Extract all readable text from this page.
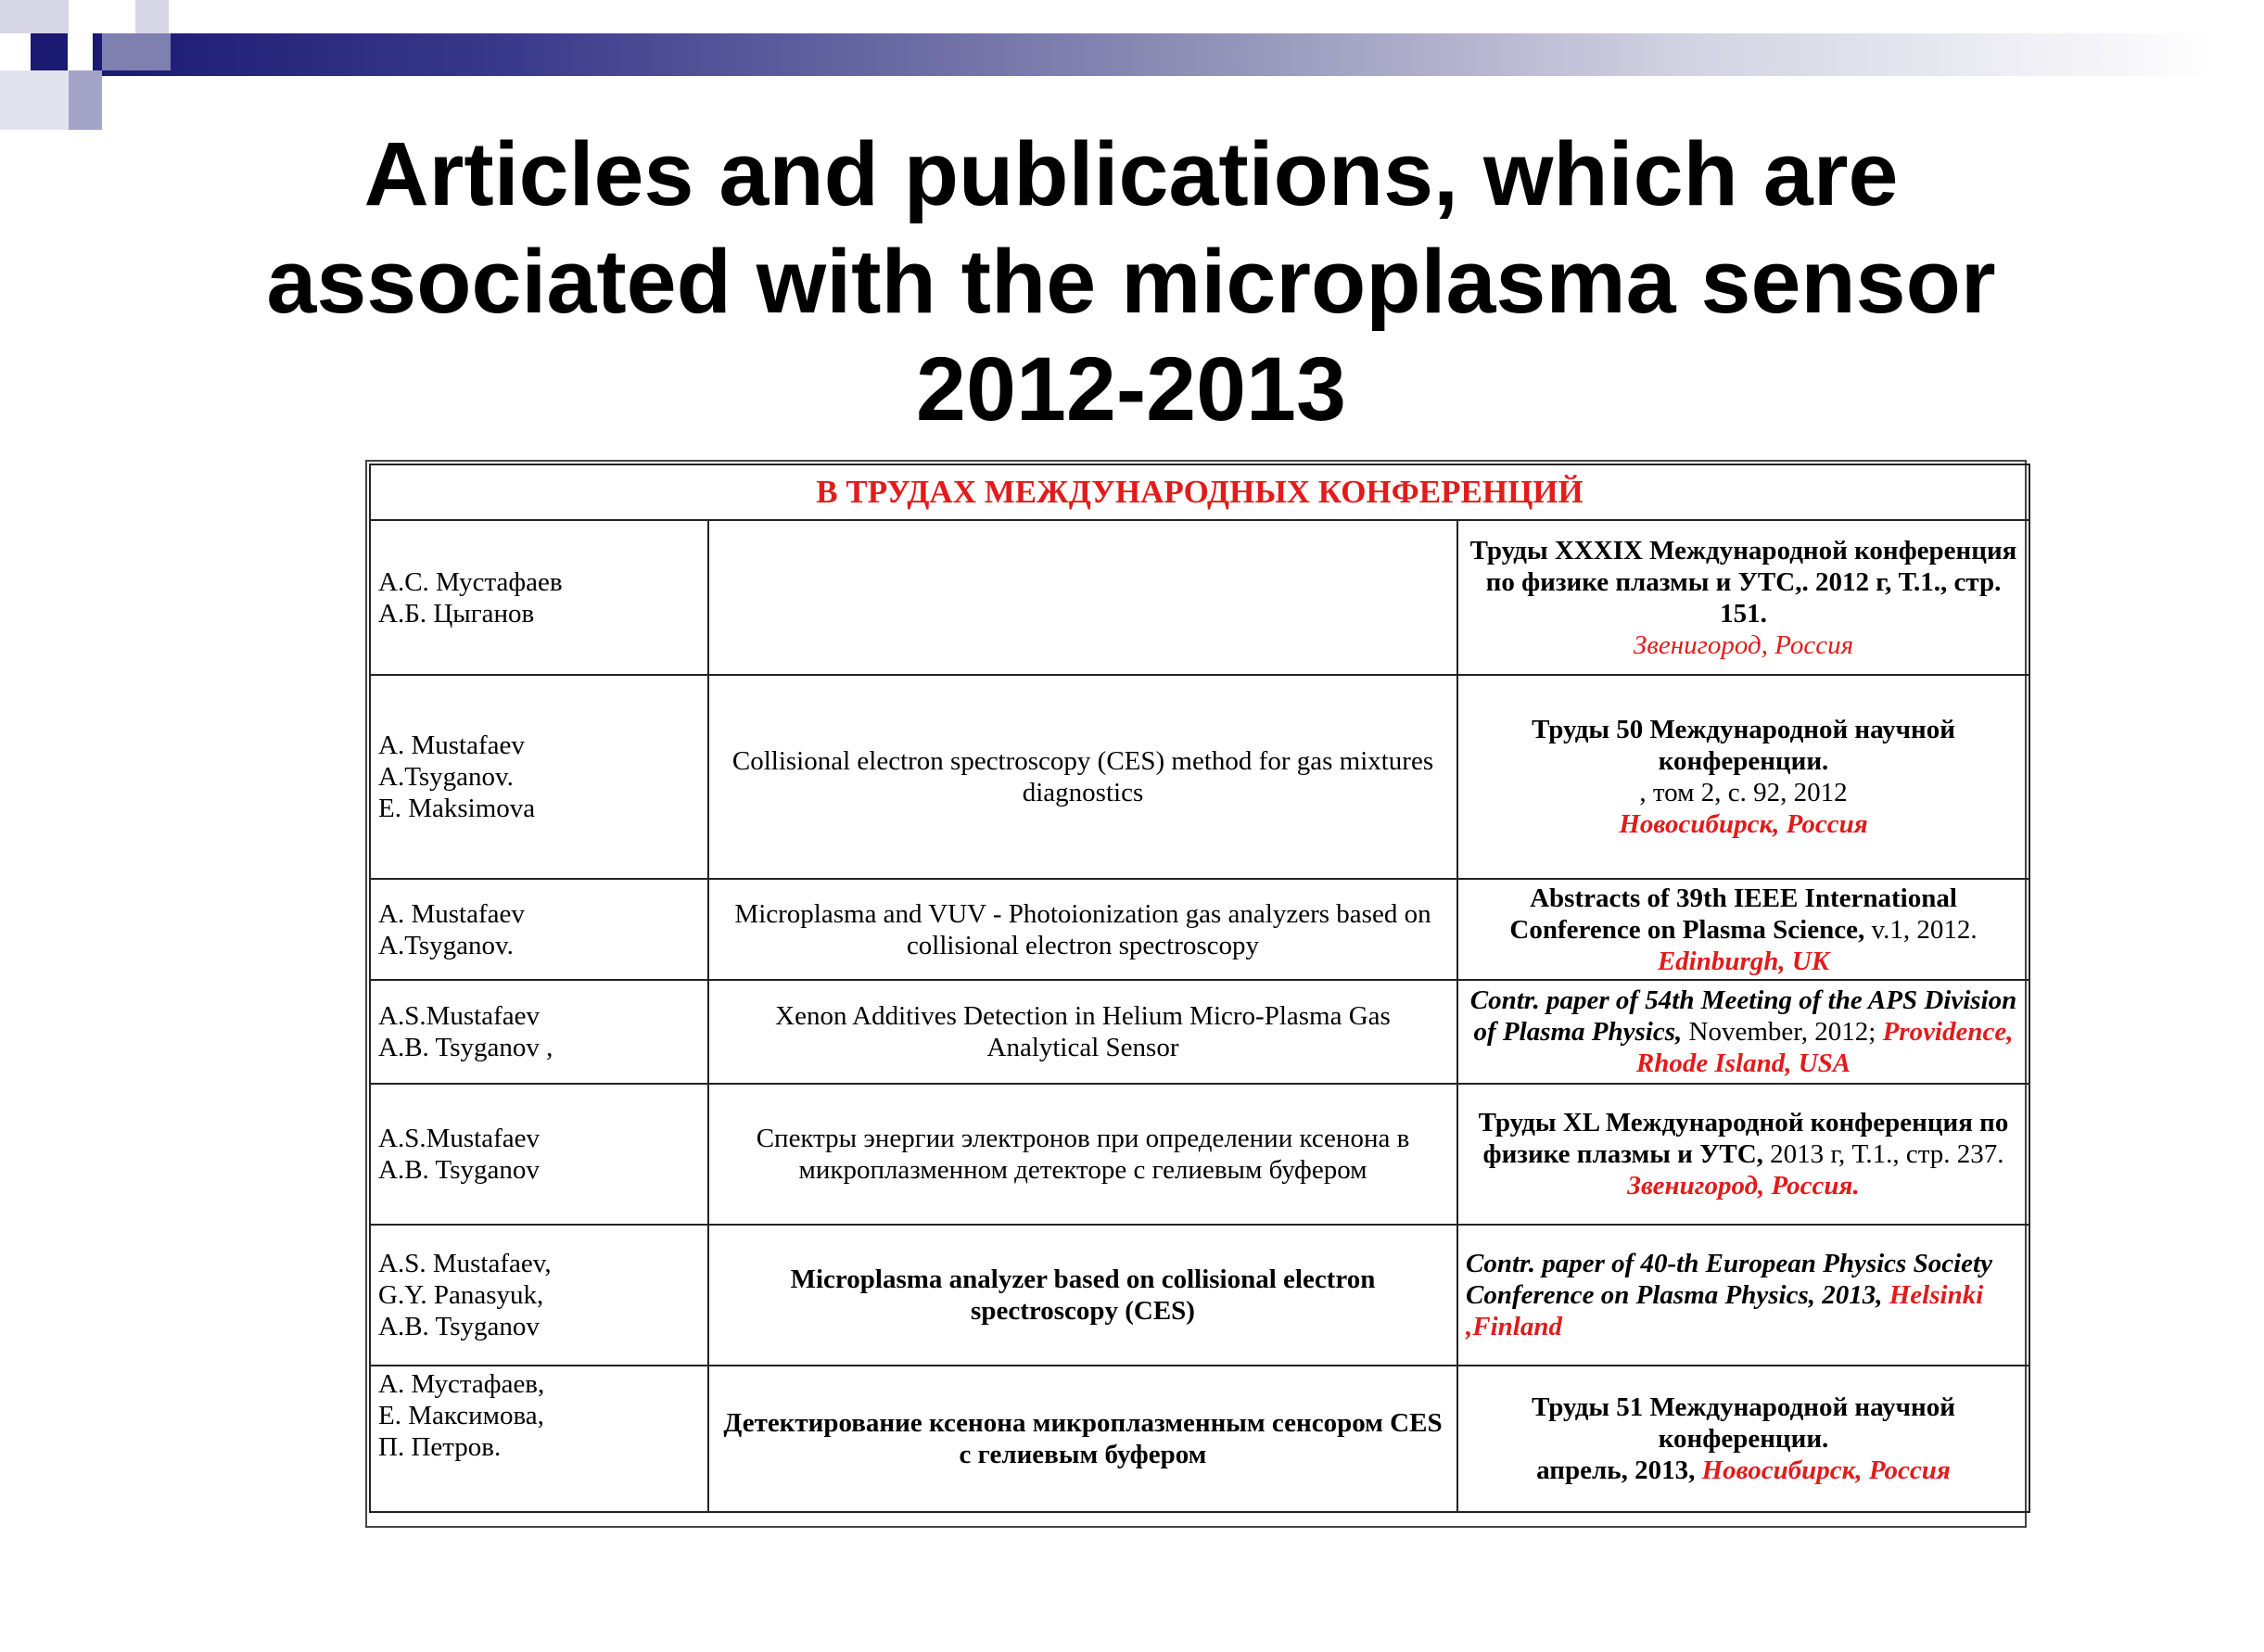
Articles and publications, which are
associated with the microplasma sensor
2012-2013
В ТРУДАХ МЕЖДУНАРОДНЫХ КОНФЕРЕНЦИЙ		

А.С. Мустафаев
А.Б. Цыганов		Труды XXXIX Международной конференция по физике плазмы и УТС,. 2012 г, Т.1., стр. 151.
Звенигород, Россия

A. Mustafaev
A.Tsyganov.
E. Maksimova	Collisional electron spectroscopy (CES) method for gas mixtures diagnostics	Труды 50 Международной научной конференции.
, том 2, с. 92, 2012
Новосибирск, Россия

A. Mustafaev
A.Tsyganov.	Microplasma and VUV - Photoionization gas analyzers based on collisional electron spectroscopy	Abstracts of 39th IEEE International Conference on Plasma Science, v.1, 2012. Edinburgh, UK

A.S.Mustafaev
A.B. Tsyganov ,	Xenon Additives Detection in Helium Micro-Plasma Gas Analytical Sensor	Contr. paper of 54th Meeting of the APS Division of Plasma Physics, November, 2012; Providence, Rhode Island, USA

A.S.Mustafaev
A.B. Tsyganov	Спектры энергии электронов при определении ксенона в микроплазменном детекторе с гелиевым буфером	Труды XL Международной конференция по физике плазмы и УТС, 2013 г, Т.1., стр. 237. Звенигород, Россия.

A.S. Mustafaev,
G.Y. Panasyuk,
A.B. Tsyganov	Microplasma analyzer based on collisional electron spectroscopy (CES)	Contr. paper of 40-th European Physics Society Conference on Plasma Physics, 2013, Helsinki ,Finland

А. Мустафаев,
Е. Максимова,
П. Петров.	Детектирование ксенона микроплазменным сенсором CES с гелиевым буфером	Труды 51 Международной научной конференции.
апрель, 2013, Новосибирск, Россия
